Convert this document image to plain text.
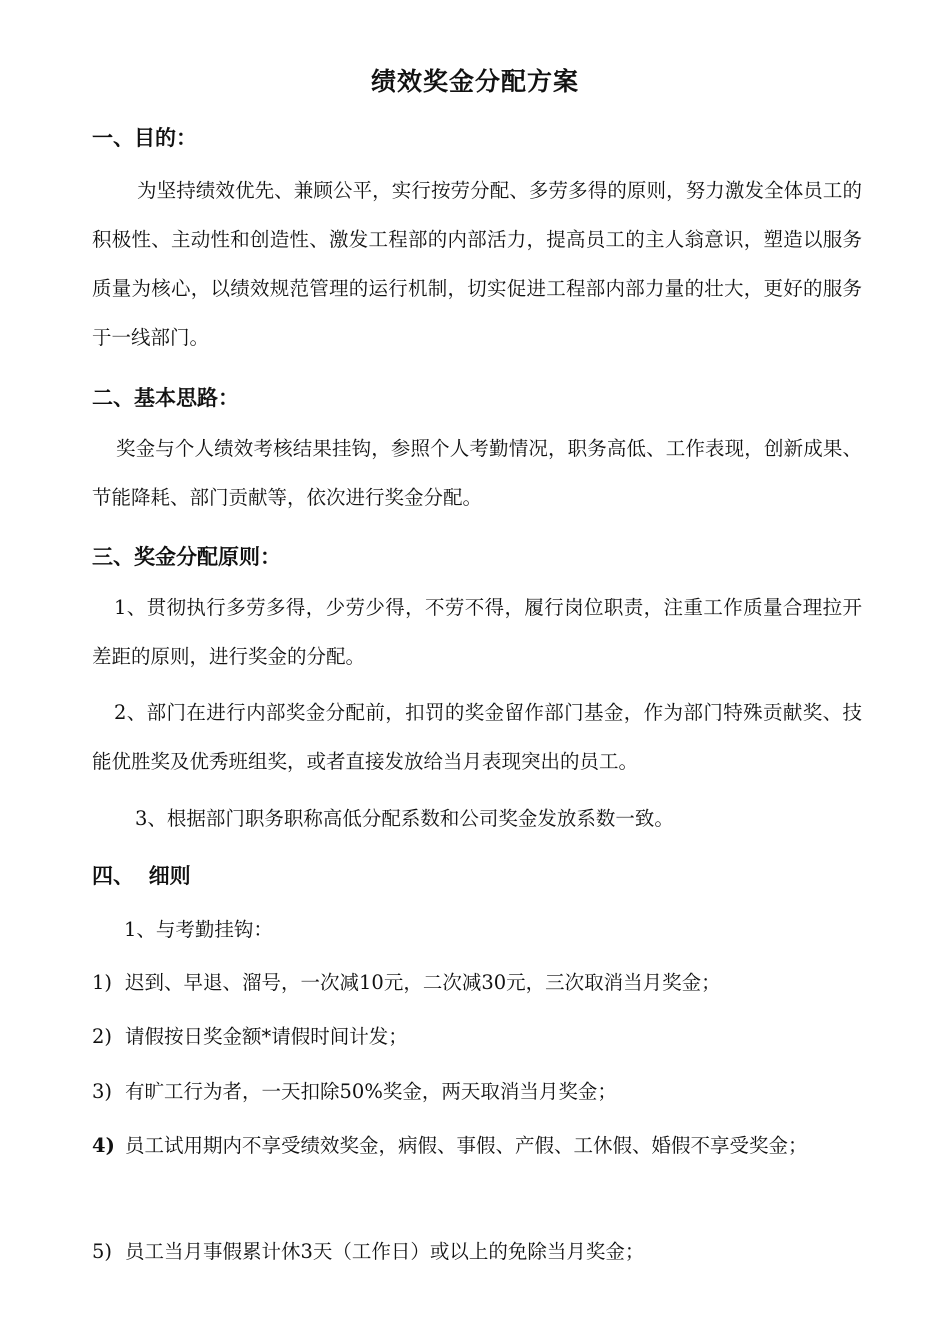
绩效奖金分配方案
一、目的：
为坚持绩效优先、兼顾公平，实行按劳分配、多劳多得的原则，努力激发全体员工的积极性、主动性和创造性、激发工程部的内部活力，提高员工的主人翁意识，塑造以服务质量为核心，以绩效规范管理的运行机制，切实促进工程部内部力量的壮大，更好的服务于一线部门。
二、基本思路：
奖金与个人绩效考核结果挂钩，参照个人考勤情况，职务高低、工作表现，创新成果、节能降耗、部门贡献等，依次进行奖金分配。
三、奖金分配原则：
1、贯彻执行多劳多得，少劳少得，不劳不得，履行岗位职责，注重工作质量合理拉开差距的原则，进行奖金的分配。
2、部门在进行内部奖金分配前，扣罚的奖金留作部门基金，作为部门特殊贡献奖、技能优胜奖及优秀班组奖，或者直接发放给当月表现突出的员工。
3、根据部门职务职称高低分配系数和公司奖金发放系数一致。
四、  细则
1、与考勤挂钩：
1) 迟到、早退、溜号，一次减10元，二次减30元，三次取消当月奖金；
2) 请假按日奖金额*请假时间计发；
3) 有旷工行为者，一天扣除50%奖金，两天取消当月奖金；
4) 员工试用期内不享受绩效奖金，病假、事假、产假、工休假、婚假不享受奖金；
5) 员工当月事假累计休3天（工作日）或以上的免除当月奖金；
